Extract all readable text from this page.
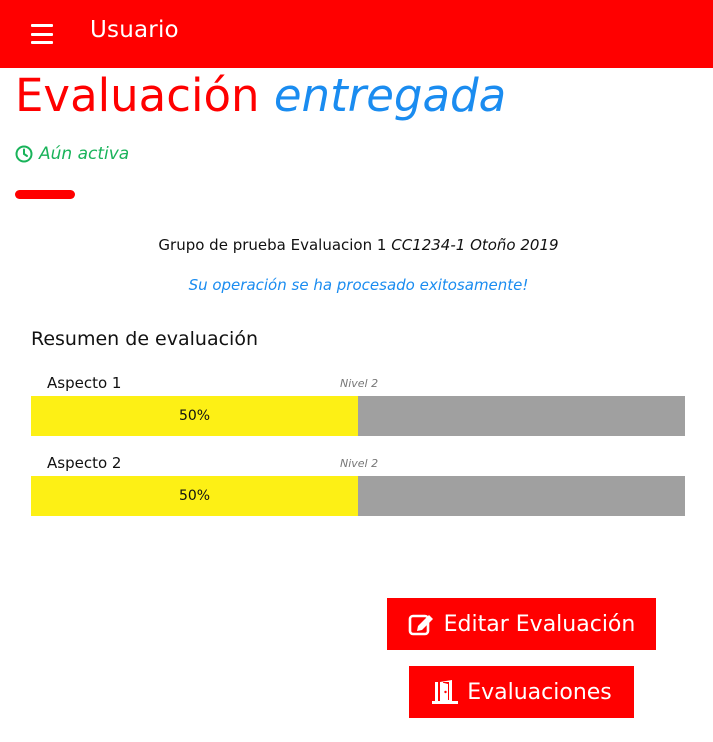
Usuario
Evaluación entregada
Aún activa
Grupo de prueba Evaluacion 1 CC1234-1 Otoño 2019
Su operación se ha procesado exitosamente!
Resumen de evaluación
Aspecto 1	Nivel 2
50%
Aspecto 2	Nivel 2
50%
Editar Evaluación
Evaluaciones
